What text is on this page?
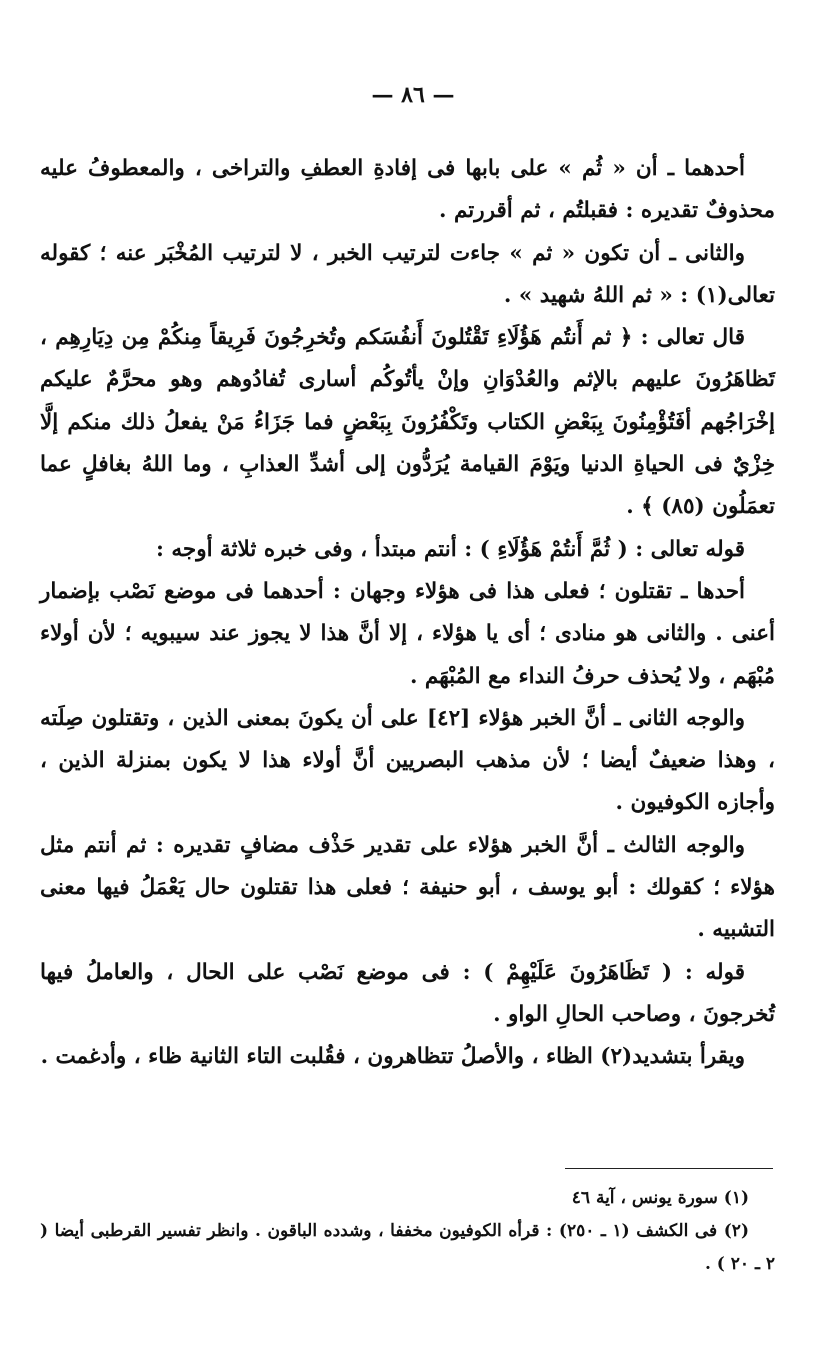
— ٨٦ —

أحدهما ـ أن « ثُم » على بابها فى إفادةِ العطفِ والتراخى ، والمعطوفُ عليه محذوفٌ تقديره : فقبلتُم ، ثم أقررتم .

والثانى ـ أن تكون « ثم » جاءت لترتيب الخبر ، لا لترتيب المُخْبَر عنه ؛ كقوله تعالى(١) : « ثم اللهُ شهيد » .

قال تعالى : ﴿ ثم أَنتُم هَؤُلَاءِ تَقْتُلونَ أَنفُسَكم وتُخرِجُونَ فَرِيقاً مِنكُمْ مِن دِيَارِهِم ، تَظاهَرُونَ عليهم بالإثم والعُدْوَانِ وإنْ يأتُوكُم أسارى تُفادُوهم وهو محرَّمٌ عليكم إخْرَاجُهم أفَتُؤْمِنُونَ بِبَعْضِ الكتاب وتَكْفُرُونَ بِبَعْضٍ فما جَزَاءُ مَنْ يفعلُ ذلك منكم إلَّا خِزْيٌ فى الحياةِ الدنيا ويَوْمَ القيامة يُرَدُّون إلى أشدِّ العذابِ ، وما اللهُ بغافلٍ عما تعمَلُون (٨٥) ﴾ .

قوله تعالى : ( ثُمَّ أَنتُمْ هَؤُلَاءِ ) : أنتم مبتدأ ، وفى خبره ثلاثة أوجه :

أحدها ـ تقتلون ؛ فعلى هذا فى هؤلاء وجهان : أحدهما فى موضع نَصْب بإضمار أعنى . والثانى هو منادى ؛ أى يا هؤلاء ، إلا أنَّ هذا لا يجوز عند سيبويه ؛ لأن أولاء مُبْهَم ، ولا يُحذف حرفُ النداء مع المُبْهَم .

والوجه الثانى ـ أنَّ الخبر هؤلاء [٤٢] على أن يكونَ بمعنى الذين ، وتقتلون صِلَته ، وهذا ضعيفٌ أيضا ؛ لأن مذهب البصريين أنَّ أولاء هذا لا يكون بمنزلة الذين ، وأجازه الكوفيون .

والوجه الثالث ـ أنَّ الخبر هؤلاء على تقدير حَذْف مضافٍ تقديره : ثم أنتم مثل هؤلاء ؛ كقولك : أبو يوسف ، أبو حنيفة ؛ فعلى هذا تقتلون حال يَعْمَلُ فيها معنى التشبيه .

قوله : ( تَظَاهَرُونَ عَلَيْهِمْ ) : فى موضع نَصْب على الحال ، والعاملُ فيها تُخرجونَ ، وصاحب الحالِ الواو .

ويقرأ بتشديد(٢) الظاء ، والأصلُ تتظاهرون ، فقُلبت التاء الثانية ظاء ، وأدغمت .

(١) سورة يونس ، آية ٤٦

(٢) فى الكشف (١ ـ ٢٥٠) : قرأه الكوفيون مخففا ، وشدده الباقون . وانظر تفسير القرطبى أيضا ( ٢ ـ ٢٠ ) .
